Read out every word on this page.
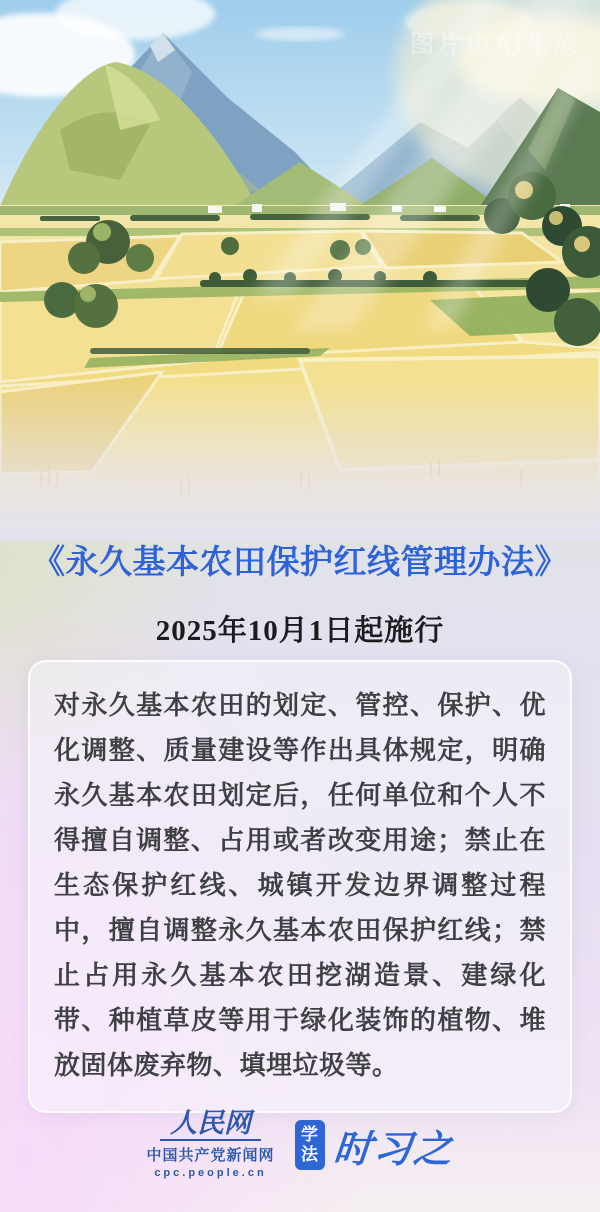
图片由AI生成
《永久基本农田保护红线管理办法》
2025年10月1日起施行

对永久基本农田的划定、管控、保护、优化调整、质量建设等作出具体规定，明确永久基本农田划定后，任何单位和个人不得擅自调整、占用或者改变用途；禁止在生态保护红线、城镇开发边界调整过程中，擅自调整永久基本农田保护红线；禁止占用永久基本农田挖湖造景、建绿化带、种植草皮等用于绿化装饰的植物、堆放固体废弃物、填埋垃圾等。

人民网
中国共产党新闻网
cpc.people.cn
学
法 时习之
